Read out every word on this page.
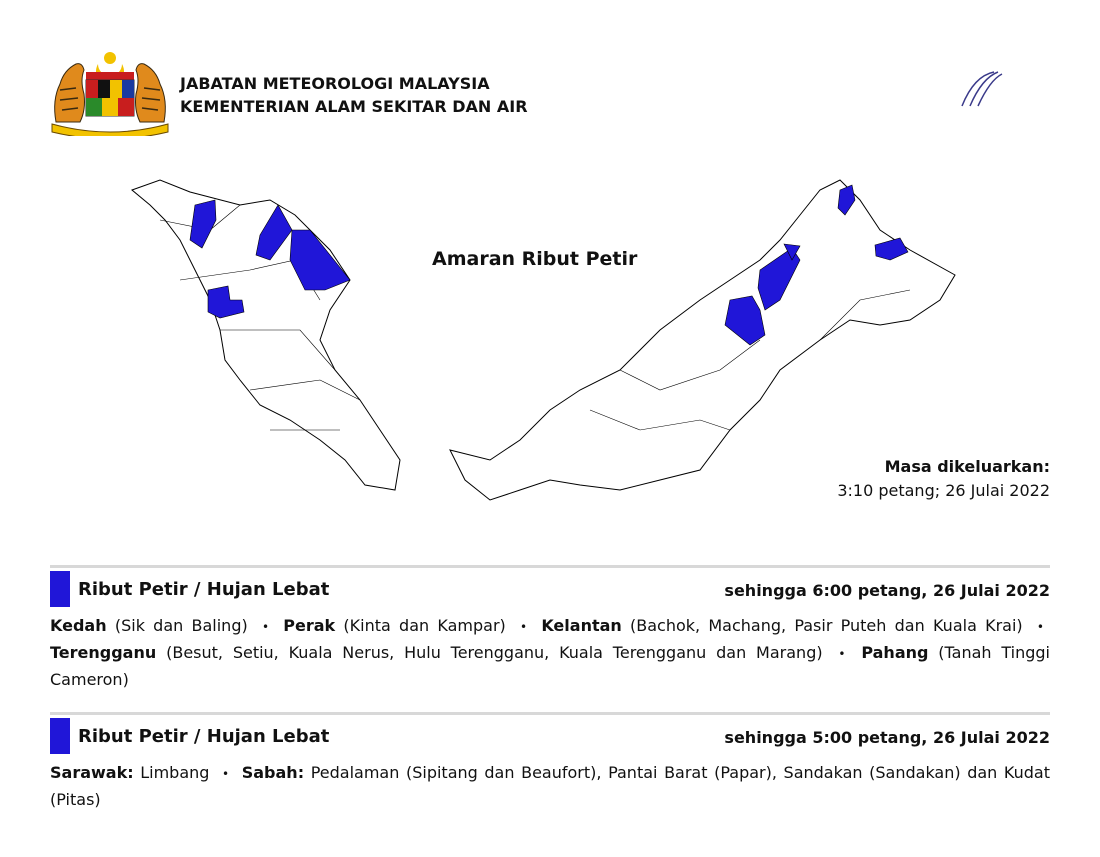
JABATAN METEOROLOGI MALAYSIA
KEMENTERIAN ALAM SEKITAR DAN AIR
Amaran Ribut Petir
Masa dikeluarkan:
3:10 petang; 26 Julai 2022
Ribut Petir / Hujan Lebat	sehingga 6:00 petang, 26 Julai 2022
Kedah (Sik dan Baling) • Perak (Kinta dan Kampar) • Kelantan (Bachok, Machang, Pasir Puteh dan Kuala Krai) • Terengganu (Besut, Setiu, Kuala Nerus, Hulu Terengganu, Kuala Terengganu dan Marang) • Pahang (Tanah Tinggi Cameron)
Ribut Petir / Hujan Lebat	sehingga 5:00 petang, 26 Julai 2022
Sarawak: Limbang • Sabah: Pedalaman (Sipitang dan Beaufort), Pantai Barat (Papar), Sandakan (Sandakan) dan Kudat (Pitas)
